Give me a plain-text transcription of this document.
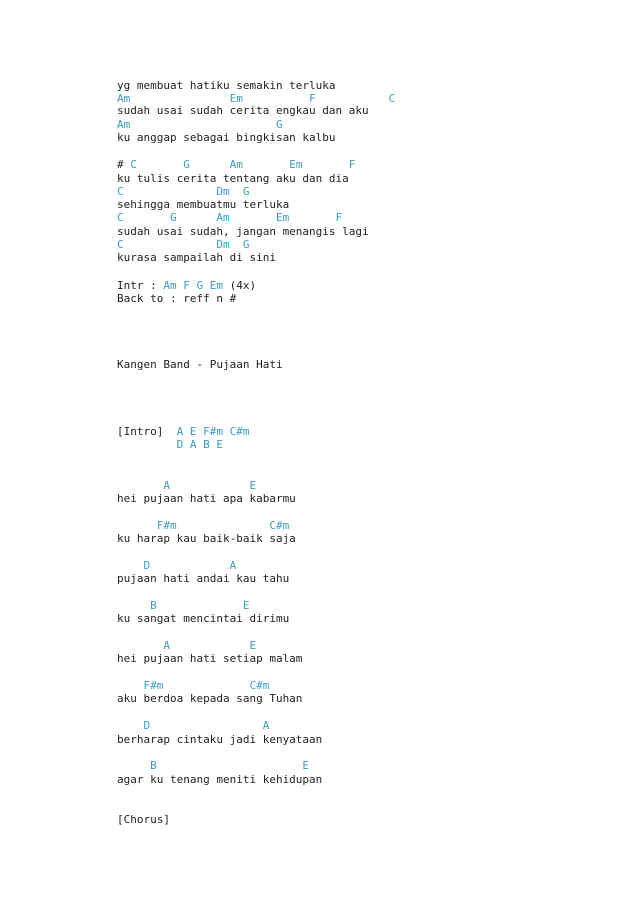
yg membuat hatiku semakin terluka
Am               Em          F           C
sudah usai sudah cerita engkau dan aku
Am                      G
ku anggap sebagai bingkisan kalbu
# C       G      Am       Em       F
ku tulis cerita tentang aku dan dia
C              Dm  G
sehingga membuatmu terluka
C       G      Am       Em       F
sudah usai sudah, jangan menangis lagi
C              Dm  G
kurasa sampailah di sini
Intr : Am F G Em (4x)
Back to : reff n #
Kangen Band - Pujaan Hati
[Intro]  A E F#m C#m
D A B E
A            E
hei pujaan hati apa kabarmu
F#m              C#m
ku harap kau baik-baik saja
D            A
pujaan hati andai kau tahu
B             E
ku sangat mencintai dirimu
A            E
hei pujaan hati setiap malam
F#m             C#m
aku berdoa kepada sang Tuhan
D                 A
berharap cintaku jadi kenyataan
B                      E
agar ku tenang meniti kehidupan
[Chorus]
